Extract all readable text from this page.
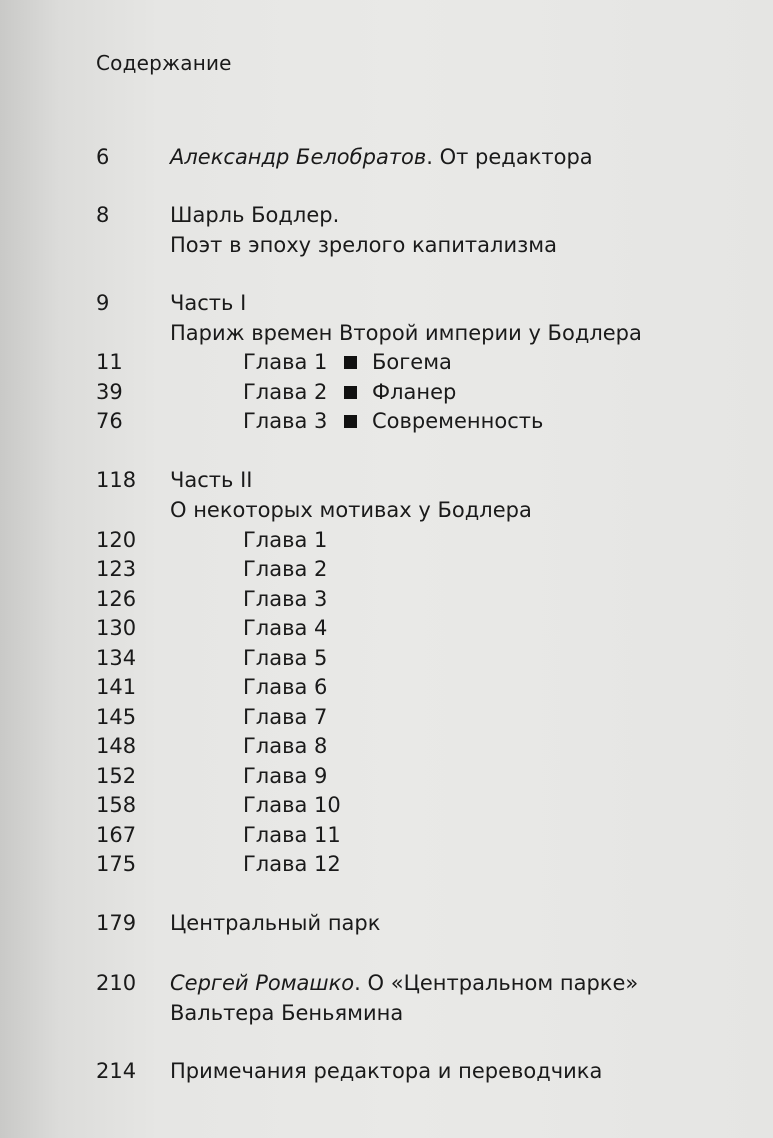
Содержание
6	Александр Белобратов. От редактора
8	Шарль Бодлер.
Поэт в эпоху зрелого капитализма
9	Часть I
Париж времен Второй империи у Бодлера
11	Глава 1 Богема
39	Глава 2 Фланер
76	Глава 3 Современность
118 Часть II
О некоторых мотивах у Бодлера
120	Глава 1
123	Глава 2
126	Глава 3
130	Глава 4
134	Глава 5
141	Глава 6
145	Глава 7
148	Глава 8
152	Глава 9
158	Глава 10
167	Глава 11
175	Глава 12
179 Центральный парк
210 Сергей Ромашко. О «Центральном парке»
Вальтера Беньямина
214 Примечания редактора и переводчика
